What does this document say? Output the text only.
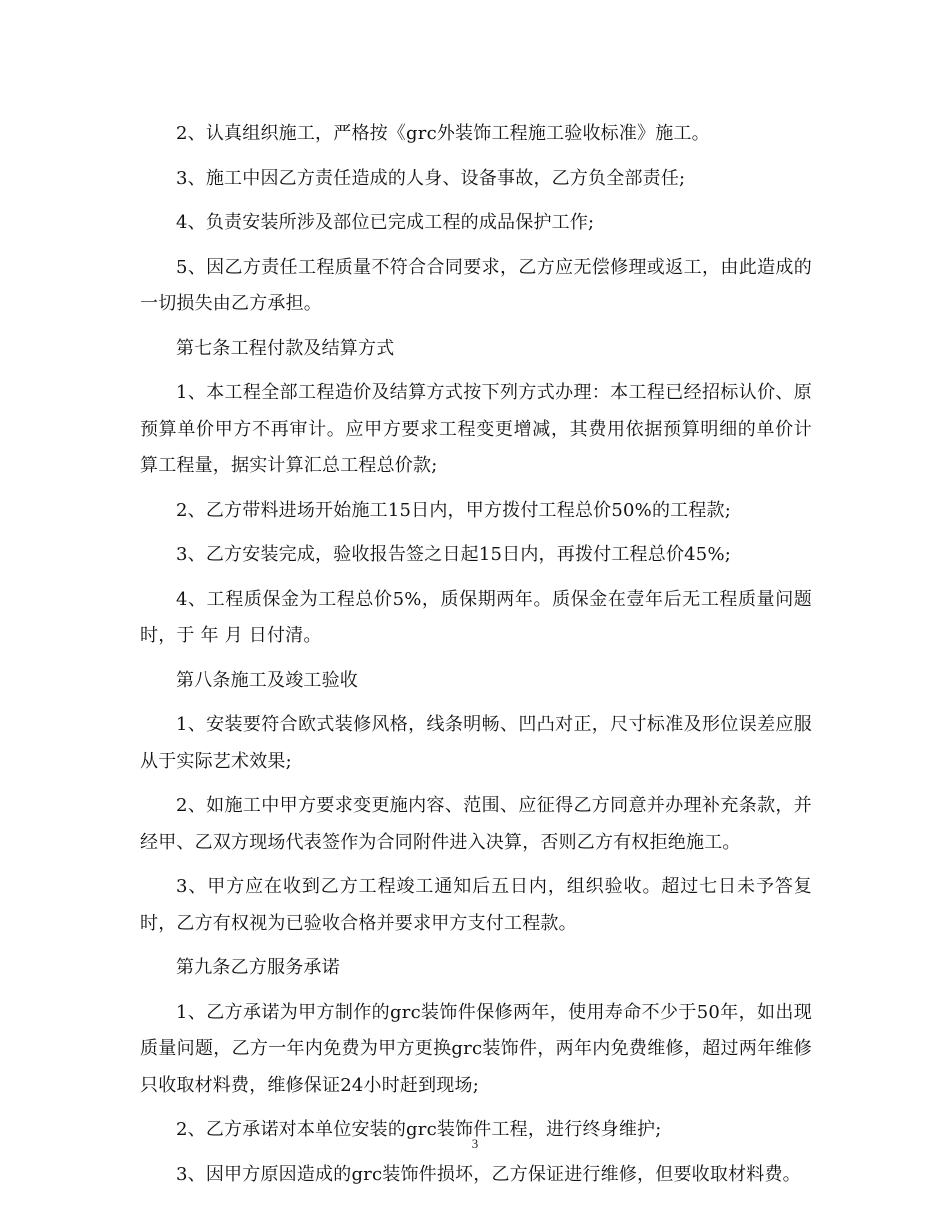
2、认真组织施工，严格按《grc外装饰工程施工验收标准》施工。

3、施工中因乙方责任造成的人身、设备事故，乙方负全部责任;

4、负责安装所涉及部位已完成工程的成品保护工作;

5、因乙方责任工程质量不符合合同要求，乙方应无偿修理或返工，由此造成的一切损失由乙方承担。

第七条工程付款及结算方式

1、本工程全部工程造价及结算方式按下列方式办理：本工程已经招标认价、原预算单价甲方不再审计。应甲方要求工程变更增减，其费用依据预算明细的单价计算工程量，据实计算汇总工程总价款;

2、乙方带料进场开始施工15日内，甲方拨付工程总价50%的工程款;

3、乙方安装完成，验收报告签之日起15日内，再拨付工程总价45%;

4、工程质保金为工程总价5%，质保期两年。质保金在壹年后无工程质量问题时，于 年 月 日付清。

第八条施工及竣工验收

1、安装要符合欧式装修风格，线条明畅、凹凸对正，尺寸标准及形位误差应服从于实际艺术效果;

2、如施工中甲方要求变更施内容、范围、应征得乙方同意并办理补充条款，并经甲、乙双方现场代表签作为合同附件进入决算，否则乙方有权拒绝施工。

3、甲方应在收到乙方工程竣工通知后五日内，组织验收。超过七日未予答复时，乙方有权视为已验收合格并要求甲方支付工程款。

第九条乙方服务承诺

1、乙方承诺为甲方制作的grc装饰件保修两年，使用寿命不少于50年，如出现质量问题，乙方一年内免费为甲方更换grc装饰件，两年内免费维修，超过两年维修只收取材料费，维修保证24小时赶到现场;

2、乙方承诺对本单位安装的grc装饰件工程，进行终身维护;

3、因甲方原因造成的grc装饰件损坏，乙方保证进行维修，但要收取材料费。

3
